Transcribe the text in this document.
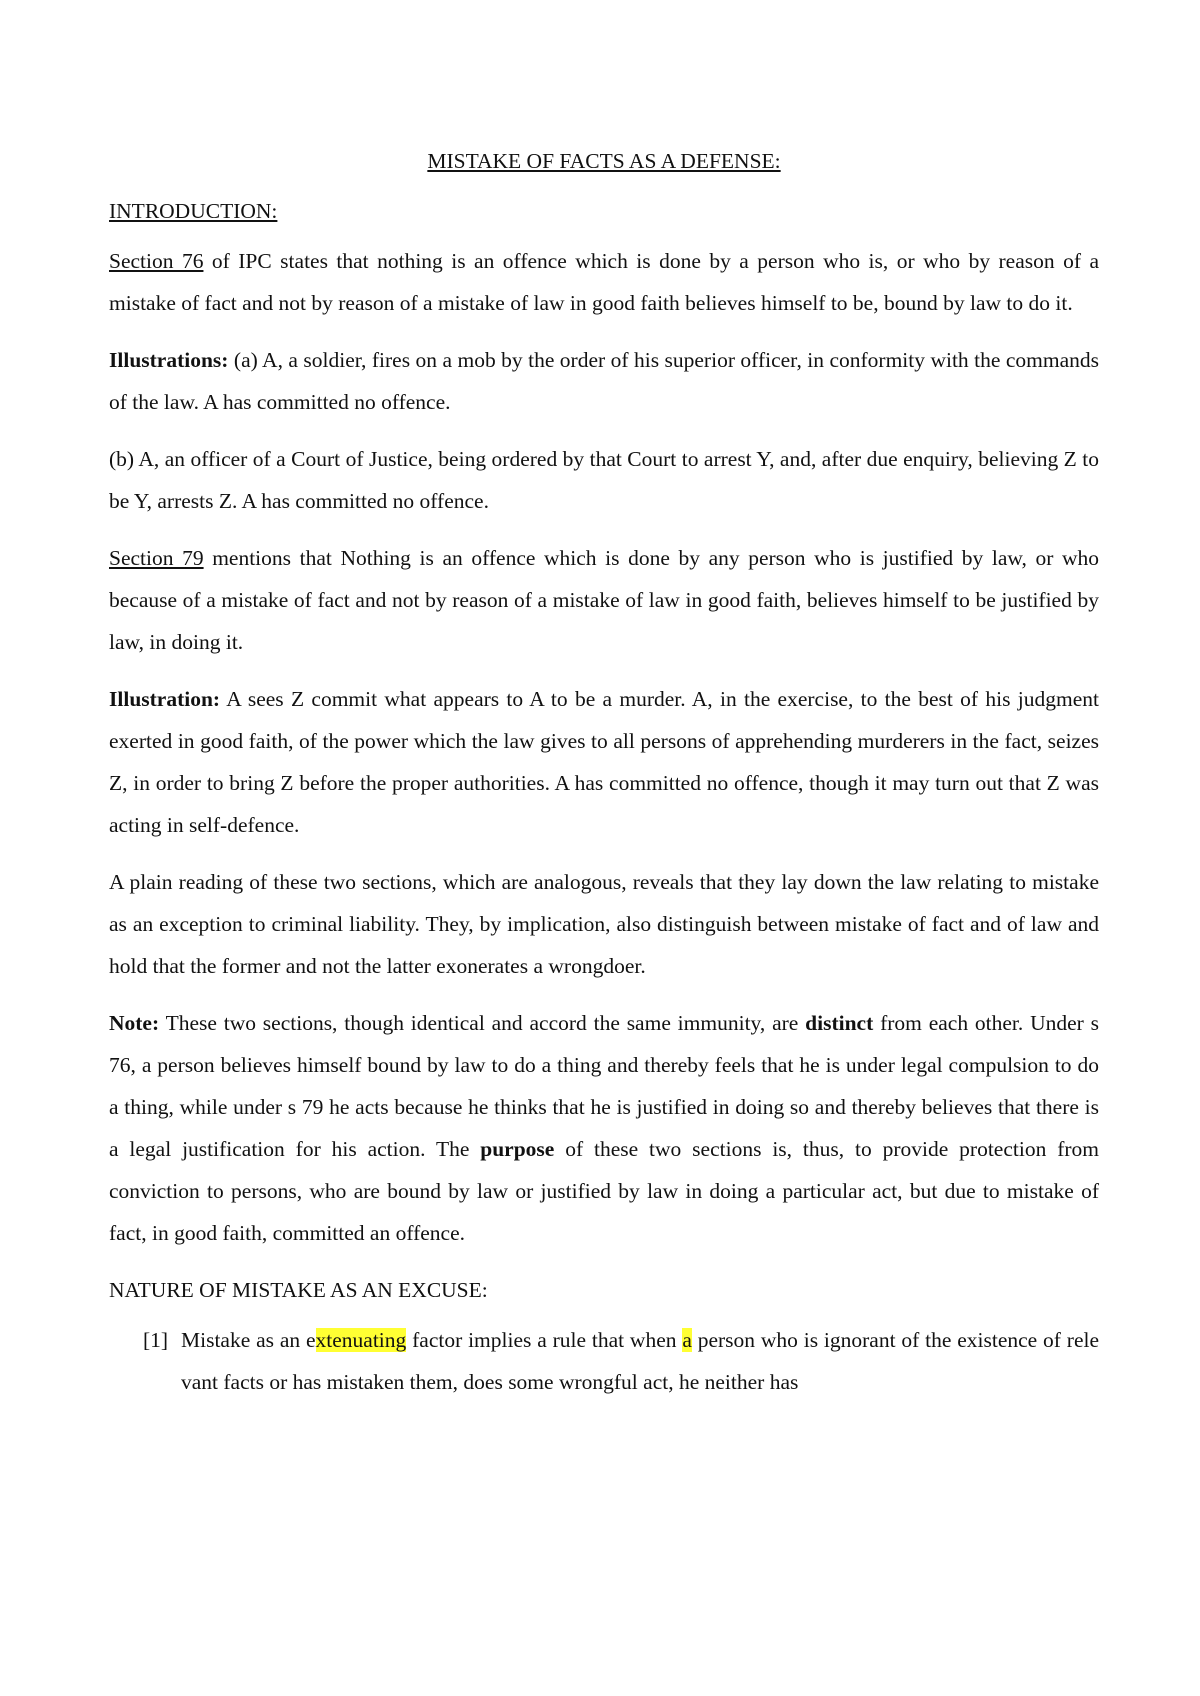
MISTAKE OF FACTS AS A DEFENSE:
INTRODUCTION:

Section 76 of IPC states that nothing is an offence which is done by a person who is, or who by reason of a mistake of fact and not by reason of a mistake of law in good faith believes himself to be, bound by law to do it.

Illustrations: (a) A, a soldier, fires on a mob by the order of his superior officer, in conformity with the commands of the law. A has committed no offence.

(b) A, an officer of a Court of Justice, being ordered by that Court to arrest Y, and, after due enquiry, believing Z to be Y, arrests Z. A has committed no offence.

Section 79 mentions that Nothing is an offence which is done by any person who is justified by law, or who because of a mistake of fact and not by reason of a mistake of law in good faith, believes himself to be justified by law, in doing it.

Illustration: A sees Z commit what appears to A to be a murder. A, in the exercise, to the best of his judgment exerted in good faith, of the power which the law gives to all persons of apprehending murderers in the fact, seizes Z, in order to bring Z before the proper authorities. A has committed no offence, though it may turn out that Z was acting in self-defence.

A plain reading of these two sections, which are analogous, reveals that they lay down the law relating to mistake as an exception to criminal liability. They, by implication, also distinguish between mistake of fact and of law and hold that the former and not the latter exonerates a wrongdoer.

Note: These two sections, though identical and accord the same immunity, are distinct from each other. Under s 76, a person believes himself bound by law to do a thing and thereby feels that he is under legal compulsion to do a thing, while under s 79 he acts because he thinks that he is justified in doing so and thereby believes that there is a legal justification for his action. The purpose of these two sections is, thus, to provide protection from conviction to persons, who are bound by law or justified by law in doing a particular act, but due to mistake of fact, in good faith, committed an offence.

NATURE OF MISTAKE AS AN EXCUSE:

[1] Mistake as an extenuating factor implies a rule that when a person who is ignorant of the existence of rele vant facts or has mistaken them, does some wrongful act, he neither has
